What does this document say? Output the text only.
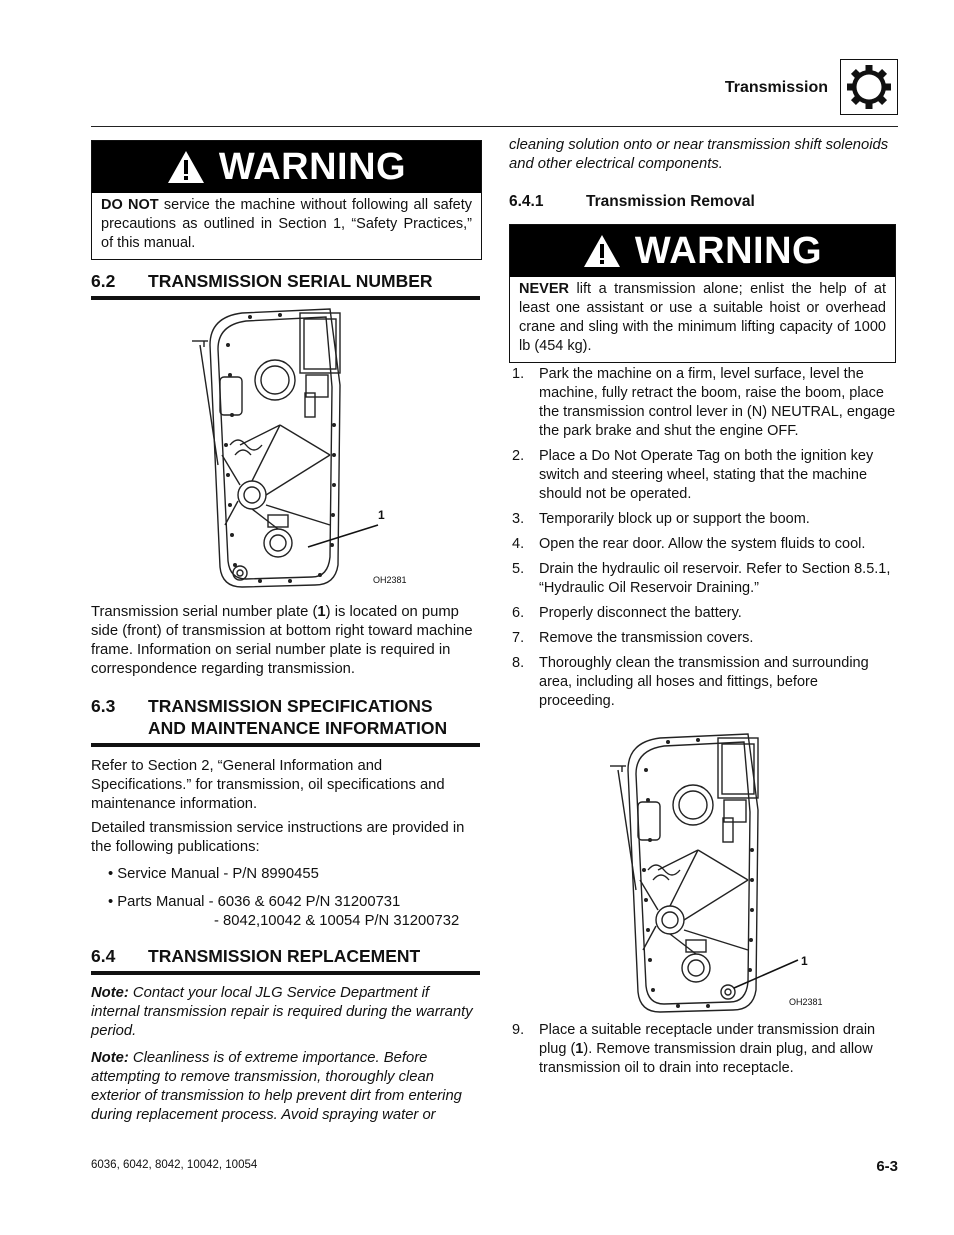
Transmission
WARNING
DO NOT service the machine without following all safety precautions as outlined in Section 1, “Safety Practices,” of this manual.
6.2 TRANSMISSION SERIAL NUMBER
1
OH2381

Transmission serial number plate (1) is located on pump side (front) of transmission at bottom right toward machine frame. Information on serial number plate is required in correspondence regarding transmission.

6.3 TRANSMISSION SPECIFICATIONS
AND MAINTENANCE INFORMATION

Refer to Section 2, “General Information and Specifications.” for transmission, oil specifications and maintenance information.

Detailed transmission service instructions are provided in the following publications:

• Service Manual - P/N 8990455
• Parts Manual - 6036 & 6042 P/N 31200731
- 8042,10042 & 10054 P/N 31200732
6.4 TRANSMISSION REPLACEMENT
Note: Contact your local JLG Service Department if internal transmission repair is required during the warranty period.
Note: Cleanliness is of extreme importance. Before attempting to remove transmission, thoroughly clean exterior of transmission to help prevent dirt from entering during replacement process. Avoid spraying water or
cleaning solution onto or near transmission shift solenoids and other electrical components.
6.4.1	Transmission Removal
WARNING
NEVER lift a transmission alone; enlist the help of at least one assistant or use a suitable hoist or overhead crane and sling with the minimum lifting capacity of 1000 lb (454 kg).
1.	Park the machine on a firm, level surface, level the machine, fully retract the boom, raise the boom, place the transmission control lever in (N) NEUTRAL, engage the park brake and shut the engine OFF.
2.	Place a Do Not Operate Tag on both the ignition key switch and steering wheel, stating that the machine should not be operated.
3.	Temporarily block up or support the boom.
4.	Open the rear door. Allow the system fluids to cool.
5.	Drain the hydraulic oil reservoir. Refer to Section 8.5.1, “Hydraulic Oil Reservoir Draining.”
6.	Properly disconnect the battery.
7.	Remove the transmission covers.
8.	Thoroughly clean the transmission and surrounding area, including all hoses and fittings, before proceeding.
1
OH2381
9.	Place a suitable receptacle under transmission drain plug (1). Remove transmission drain plug, and allow transmission oil to drain into receptacle.
6036, 6042, 8042, 10042, 10054	6-3
